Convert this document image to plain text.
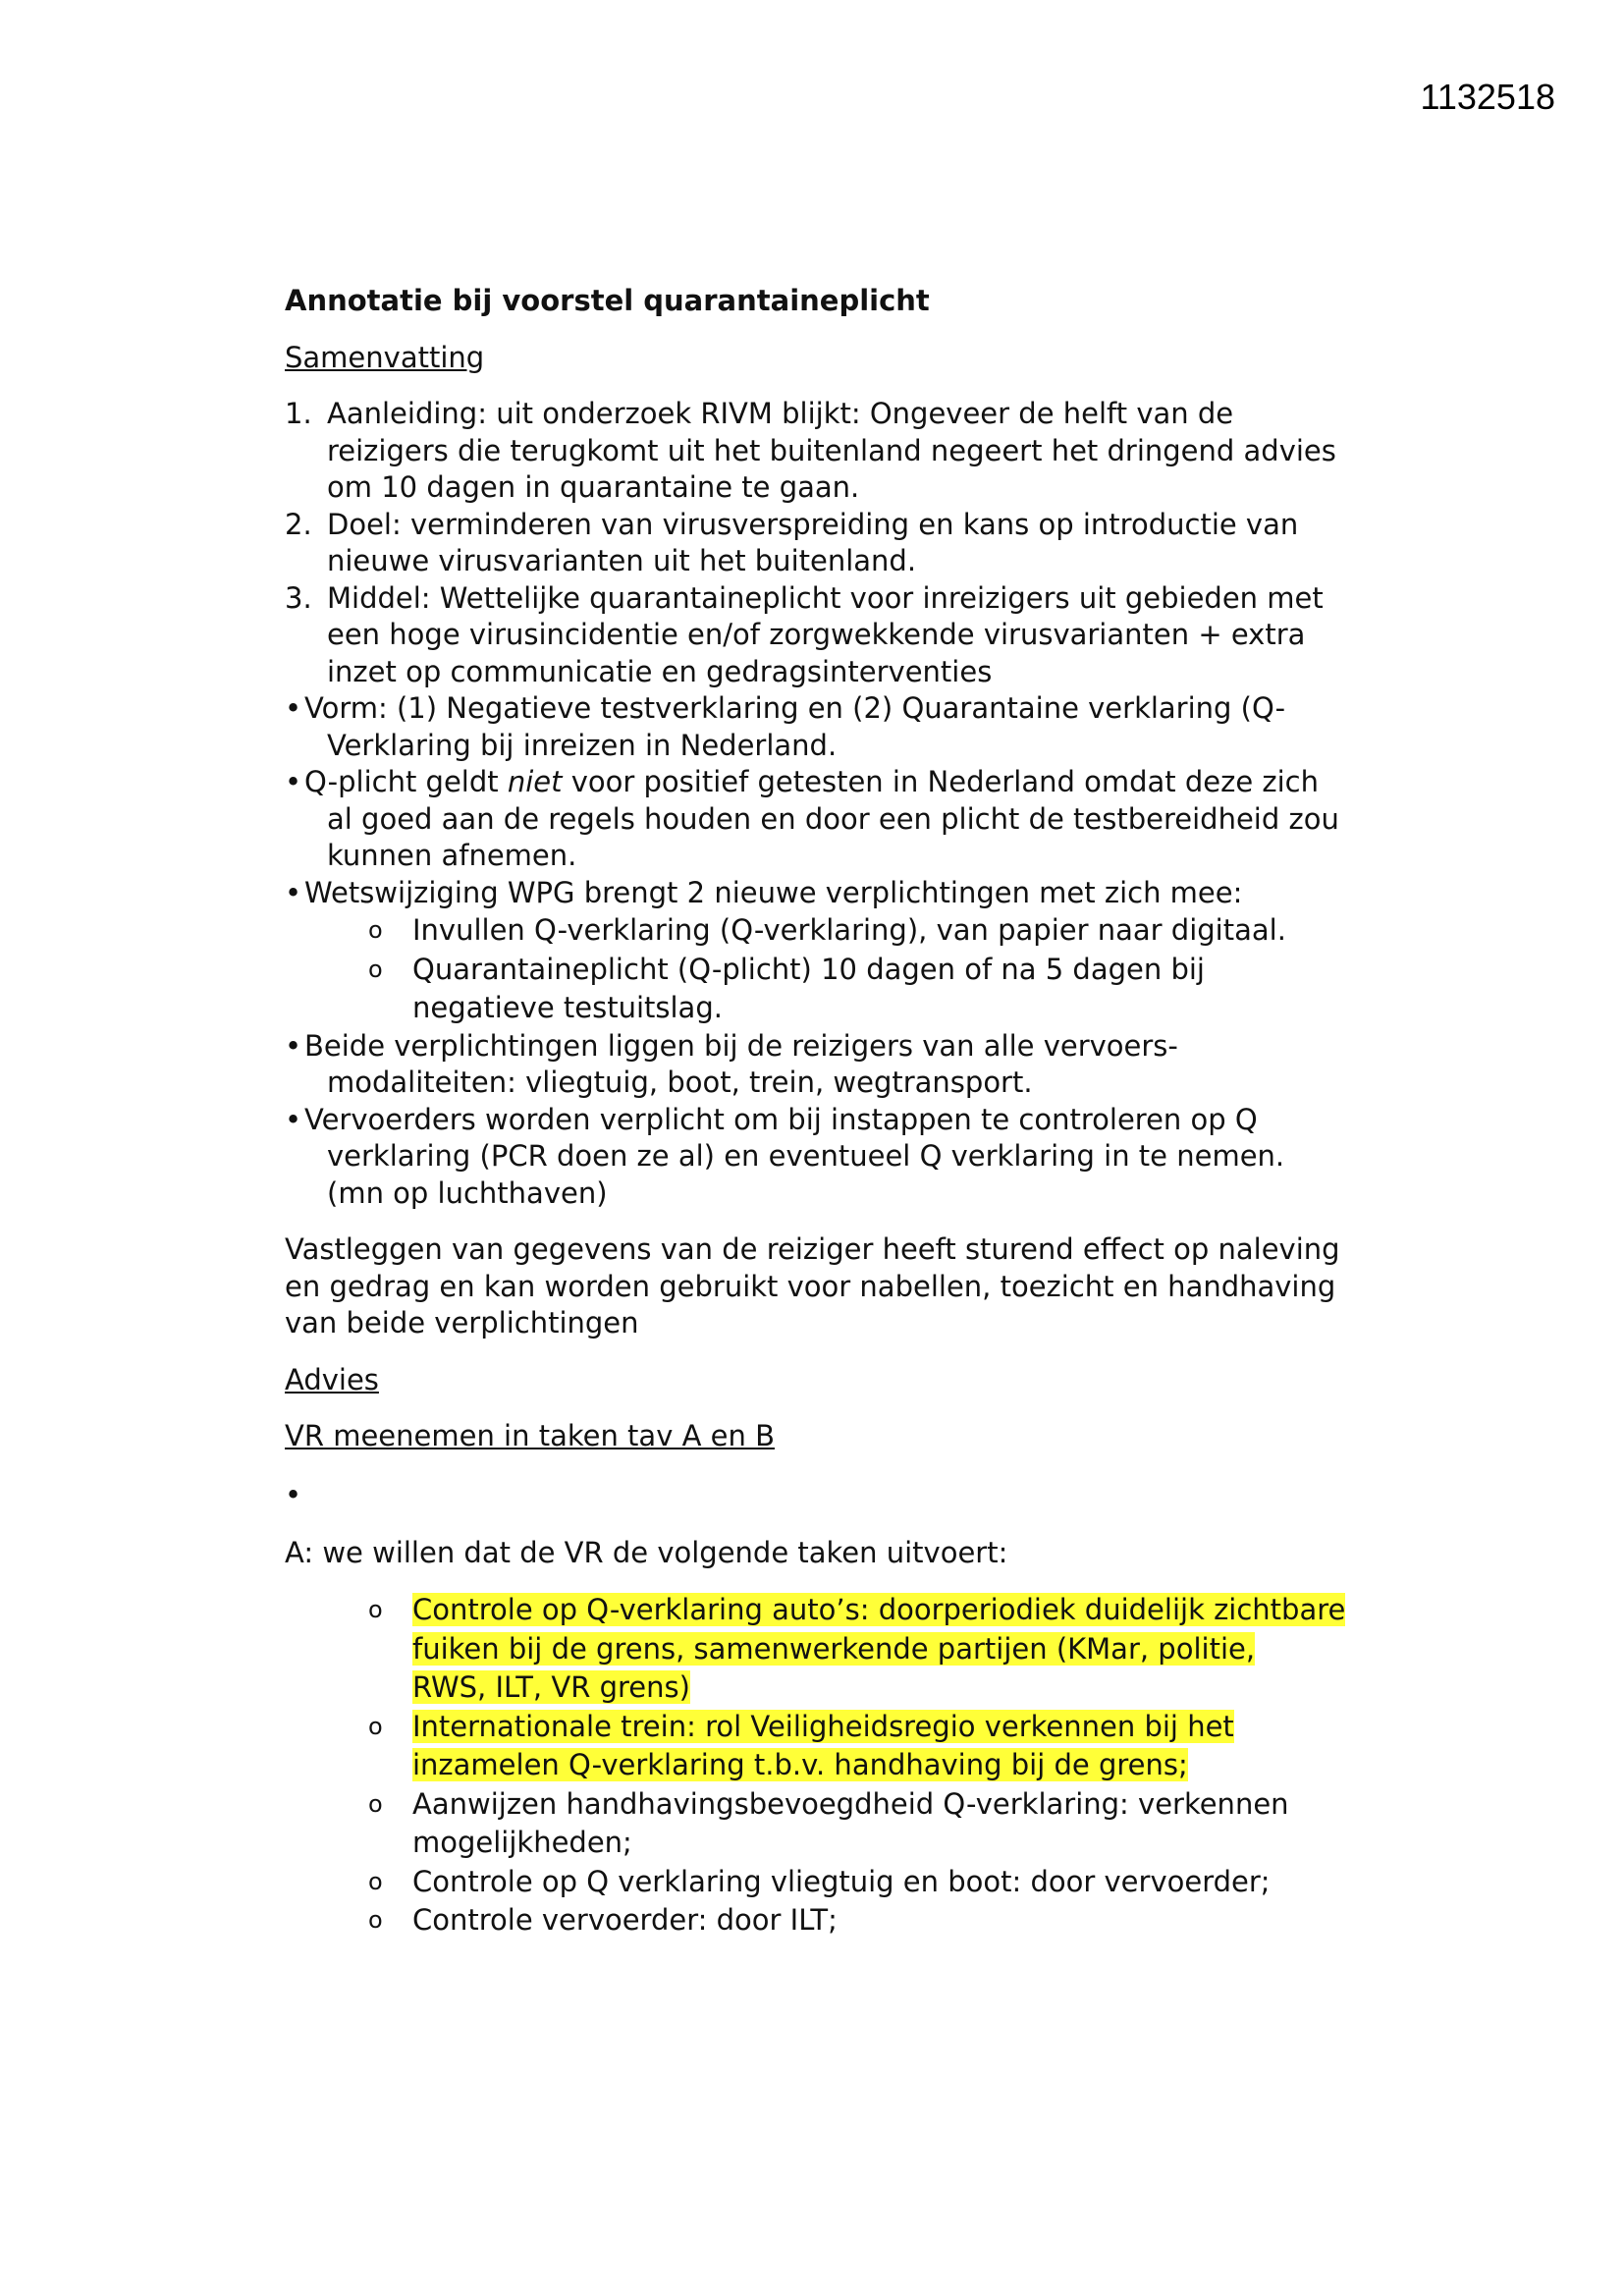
1132518
Annotatie bij voorstel quarantaineplicht
Samenvatting
1. Aanleiding: uit onderzoek RIVM blijkt: Ongeveer de helft van de
reizigers die terugkomt uit het buitenland negeert het dringend advies
om 10 dagen in quarantaine te gaan.
2. Doel: verminderen van virusverspreiding en kans op introductie van
nieuwe virusvarianten uit het buitenland.
3. Middel: Wettelijke quarantaineplicht voor inreizigers uit gebieden met
een hoge virusincidentie en/of zorgwekkende virusvarianten + extra
inzet op communicatie en gedragsinterventies
• Vorm: (1) Negatieve testverklaring en (2) Quarantaine verklaring (Q-
Verklaring bij inreizen in Nederland.
• Q-plicht geldt niet voor positief getesten in Nederland omdat deze zich
al goed aan de regels houden en door een plicht de testbereidheid zou
kunnen afnemen.
• Wetswijziging WPG brengt 2 nieuwe verplichtingen met zich mee:
o Invullen Q-verklaring (Q-verklaring), van papier naar digitaal.
o Quarantaineplicht (Q-plicht) 10 dagen of na 5 dagen bij
negatieve testuitslag.
• Beide verplichtingen liggen bij de reizigers van alle vervoers-
modaliteiten: vliegtuig, boot, trein, wegtransport.
• Vervoerders worden verplicht om bij instappen te controleren op Q
verklaring (PCR doen ze al) en eventueel Q verklaring in te nemen.
(mn op luchthaven)
Vastleggen van gegevens van de reiziger heeft sturend effect op naleving
en gedrag en kan worden gebruikt voor nabellen, toezicht en handhaving
van beide verplichtingen
Advies
VR meenemen in taken tav A en B
•
A: we willen dat de VR de volgende taken uitvoert:
o Controle op Q-verklaring auto’s: doorperiodiek duidelijk zichtbare
fuiken bij de grens, samenwerkende partijen (KMar, politie,
RWS, ILT, VR grens)
o Internationale trein: rol Veiligheidsregio verkennen bij het
inzamelen Q-verklaring t.b.v. handhaving bij de grens;
o Aanwijzen handhavingsbevoegdheid Q-verklaring: verkennen
mogelijkheden;
o Controle op Q verklaring vliegtuig en boot: door vervoerder;
o Controle vervoerder: door ILT;
